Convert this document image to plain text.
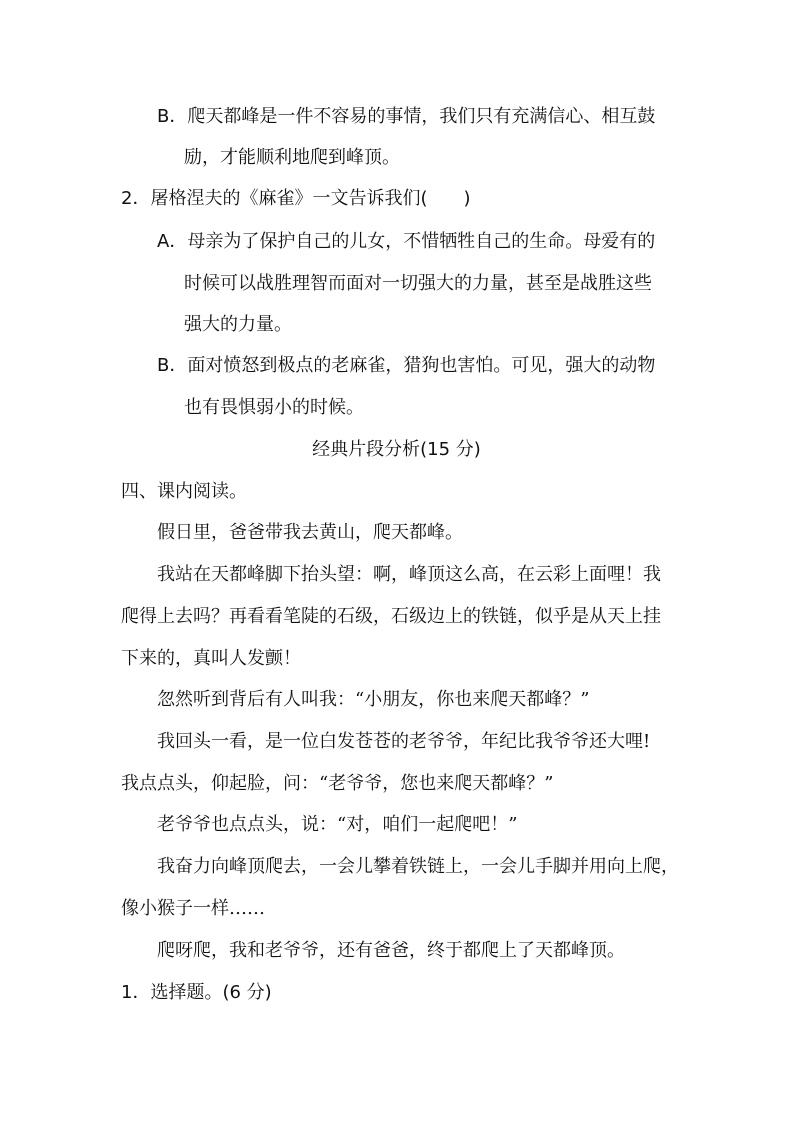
B．爬天都峰是一件不容易的事情，我们只有充满信心、相互鼓
励，才能顺利地爬到峰顶。
2．屠格涅夫的《麻雀》一文告诉我们(　　)
A．母亲为了保护自己的儿女，不惜牺牲自己的生命。母爱有的
时候可以战胜理智而面对一切强大的力量，甚至是战胜这些
强大的力量。
B．面对愤怒到极点的老麻雀，猎狗也害怕。可见，强大的动物
也有畏惧弱小的时候。
经典片段分析(15 分)
四、课内阅读。
假日里，爸爸带我去黄山，爬天都峰。
我站在天都峰脚下抬头望：啊，峰顶这么高，在云彩上面哩！我
爬得上去吗？再看看笔陡的石级，石级边上的铁链，似乎是从天上挂
下来的，真叫人发颤！
忽然听到背后有人叫我：“小朋友，你也来爬天都峰？”
我回头一看，是一位白发苍苍的老爷爷，年纪比我爷爷还大哩!
我点点头，仰起脸，问：“老爷爷，您也来爬天都峰？”
老爷爷也点点头，说：“对，咱们一起爬吧！”
我奋力向峰顶爬去，一会儿攀着铁链上，一会儿手脚并用向上爬，
像小猴子一样……
爬呀爬，我和老爷爷，还有爸爸，终于都爬上了天都峰顶。
1．选择题。(6 分)
